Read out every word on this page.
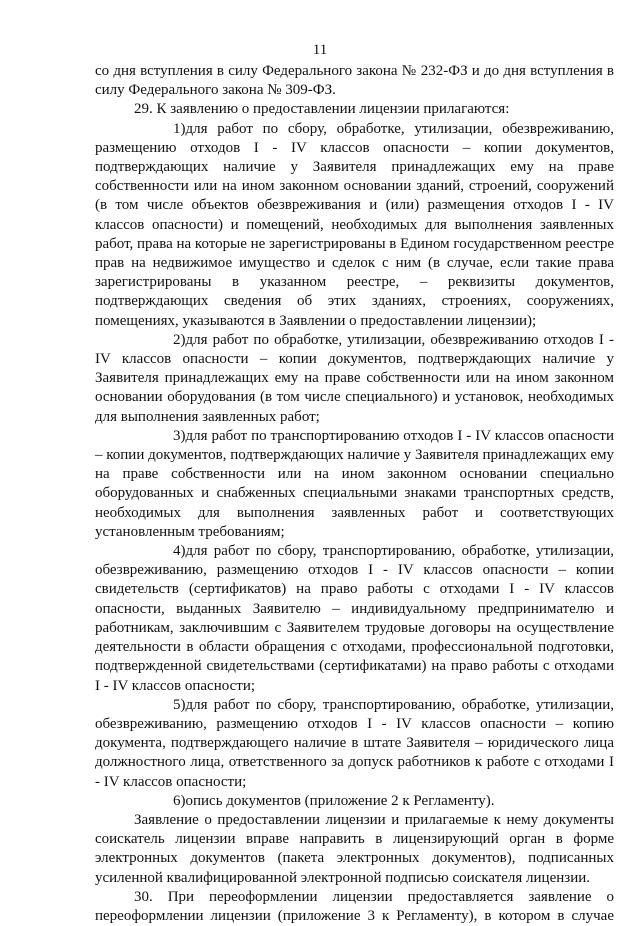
11

со дня вступления в силу Федерального закона № 232-ФЗ и до дня вступления в силу Федерального закона № 309-ФЗ.

29. К заявлению о предоставлении лицензии прилагаются:

1)для работ по сбору, обработке, утилизации, обезвреживанию, размещению отходов I - IV классов опасности – копии документов, подтверждающих наличие у Заявителя принадлежащих ему на праве собственности или на ином законном основании зданий, строений, сооружений (в том числе объектов обезвреживания и (или) размещения отходов I - IV классов опасности) и помещений, необходимых для выполнения заявленных работ, права на которые не зарегистрированы в Едином государственном реестре прав на недвижимое имущество и сделок с ним (в случае, если такие права зарегистрированы в указанном реестре, – реквизиты документов, подтверждающих сведения об этих зданиях, строениях, сооружениях, помещениях, указываются в Заявлении о предоставлении лицензии);

2)для работ по обработке, утилизации, обезвреживанию отходов I - IV классов опасности – копии документов, подтверждающих наличие у Заявителя принадлежащих ему на праве собственности или на ином законном основании оборудования (в том числе специального) и установок, необходимых для выполнения заявленных работ;

3)для работ по транспортированию отходов I - IV классов опасности – копии документов, подтверждающих наличие у Заявителя принадлежащих ему на праве собственности или на ином законном основании специально оборудованных и снабженных специальными знаками транспортных средств, необходимых для выполнения заявленных работ и соответствующих установленным требованиям;

4)для работ по сбору, транспортированию, обработке, утилизации, обезвреживанию, размещению отходов I - IV классов опасности – копии свидетельств (сертификатов) на право работы с отходами I - IV классов опасности, выданных Заявителю – индивидуальному предпринимателю и работникам, заключившим с Заявителем трудовые договоры на осуществление деятельности в области обращения с отходами, профессиональной подготовки, подтвержденной свидетельствами (сертификатами) на право работы с отходами I - IV классов опасности;

5)для работ по сбору, транспортированию, обработке, утилизации, обезвреживанию, размещению отходов I - IV классов опасности – копию документа, подтверждающего наличие в штате Заявителя – юридического лица должностного лица, ответственного за допуск работников к работе с отходами I - IV классов опасности;

6)опись документов (приложение 2 к Регламенту).

Заявление о предоставлении лицензии и прилагаемые к нему документы соискатель лицензии вправе направить в лицензирующий орган в форме электронных документов (пакета электронных документов), подписанных усиленной квалифицированной электронной подписью соискателя лицензии.

30. При переоформлении лицензии предоставляется заявление о переоформлении лицензии (приложение 3 к Регламенту), в котором в случае
